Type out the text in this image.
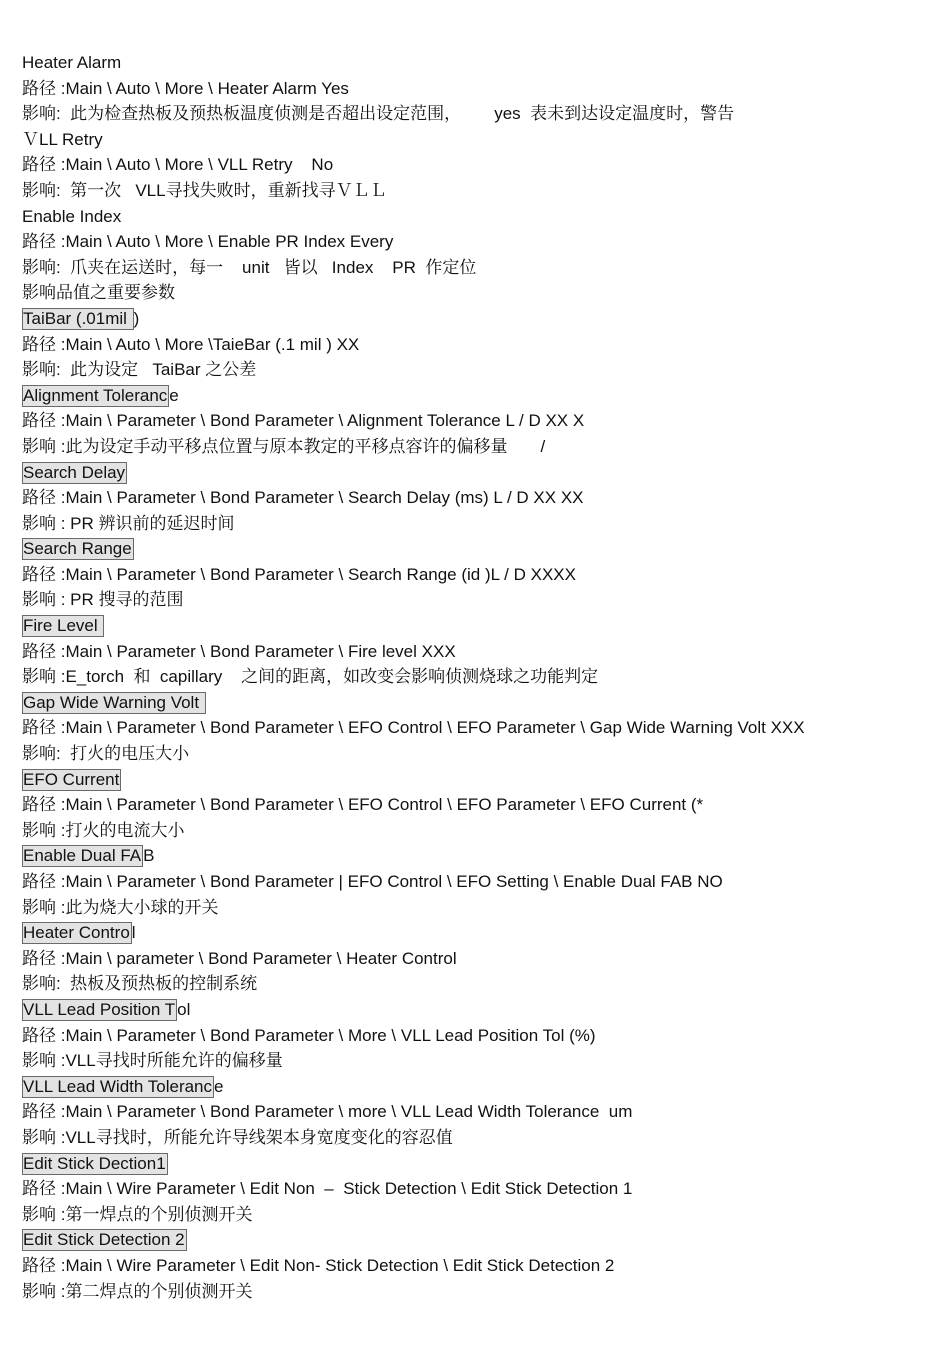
Heater Alarm
路径 :Main \ Auto \ More \ Heater Alarm Yes
影响:  此为检查热板及预热板温度侦测是否超出设定范围，       yes  表未到达设定温度时，警告
ＶLL Retry
路径 :Main \ Auto \ More \ VLL Retry    No
影响:  第一次   VLL寻找失败时，重新找寻ＶＬＬ
Enable Index
路径 :Main \ Auto \ More \ Enable PR Index Every
影响:  爪夹在运送时，每一    unit   皆以   Index    PR  作定位
影响品值之重要参数
TaiBar (.01mil )
路径 :Main \ Auto \ More \TaieBar (.1 mil ) XX
影响:  此为设定   TaiBar 之公差
Alignment Toleranc e
路径 :Main \ Parameter \ Bond Parameter \ Alignment Tolerance L / D XX X
影响 :此为设定手动平移点位置与原本教定的平移点容许的偏移量       /
Search Delay
路径 :Main \ Parameter \ Bond Parameter \ Search Delay (ms) L / D XX XX
影响 : PR 辨识前的延迟时间
Search Range
路径 :Main \ Parameter \ Bond Parameter \ Search Range (id )L / D XXXX
影响 : PR 搜寻的范围
Fire Level
路径 :Main \ Parameter \ Bond Parameter \ Fire level XXX
影响 :E_torch  和  capillary    之间的距离，如改变会影响侦测烧球之功能判定
Gap Wide Warning Volt
路径 :Main \ Parameter \ Bond Parameter \ EFO Control \ EFO Parameter \ Gap Wide Warning Volt XXX
影响:  打火的电压大小
EFO Current
路径 :Main \ Parameter \ Bond Parameter \ EFO Control \ EFO Parameter \ EFO Current (*
影响 :打火的电流大小
Enable Dual FA B
路径 :Main \ Parameter \ Bond Parameter | EFO Control \ EFO Setting \ Enable Dual FAB NO
影响 :此为烧大小球的开关
Heater Contro l
路径 :Main \ parameter \ Bond Parameter \ Heater Control
影响:  热板及预热板的控制系统
VLL Lead Position T ol
路径 :Main \ Parameter \ Bond Parameter \ More \ VLL Lead Position Tol (%)
影响 :VLL寻找时所能允许的偏移量
VLL Lead Width Toleranc e
路径 :Main \ Parameter \ Bond Parameter \ more \ VLL Lead Width Tolerance  um
影响 :VLL寻找时，所能允许导线架本身宽度变化的容忍值
Edit Stick Dection1
路径 :Main \ Wire Parameter \ Edit Non  –  Stick Detection \ Edit Stick Detection 1
影响 :第一焊点的个别侦测开关
Edit Stick Detection 2
路径 :Main \ Wire Parameter \ Edit Non- Stick Detection \ Edit Stick Detection 2
影响 :第二焊点的个别侦测开关
